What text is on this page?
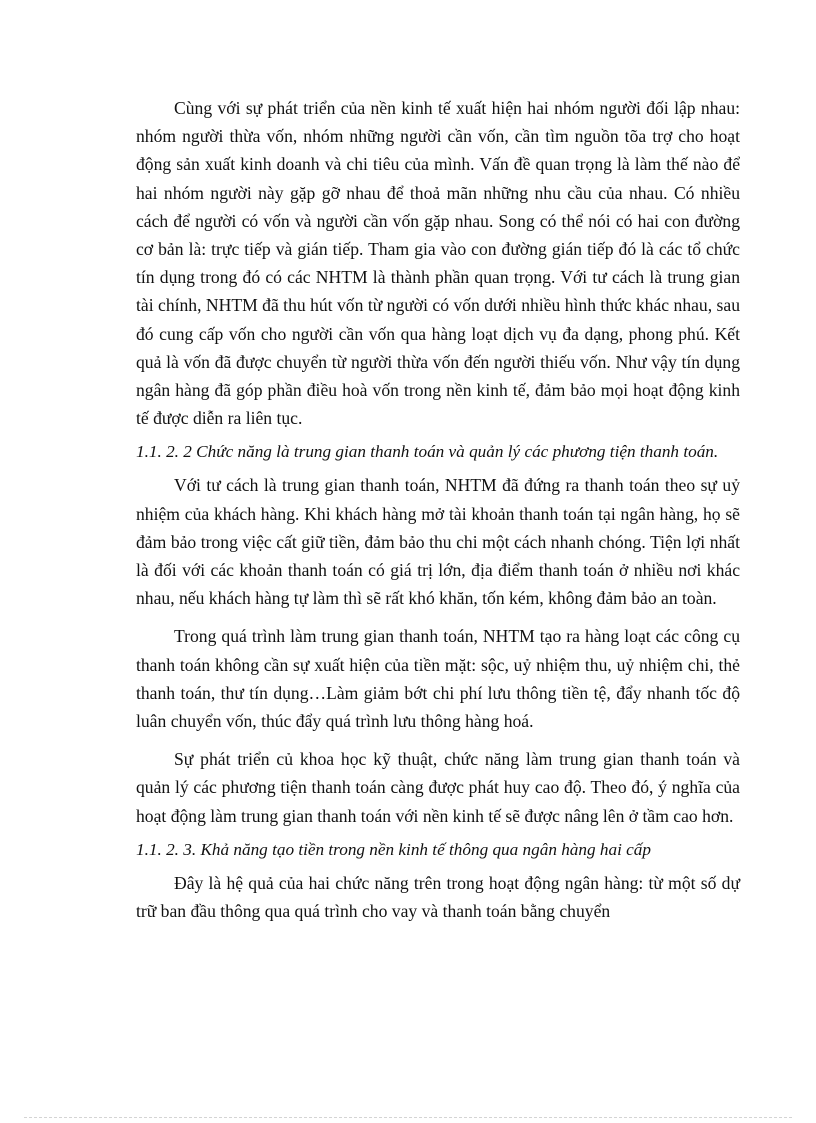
Cùng với sự phát triển của nền kinh tế xuất hiện hai nhóm người đối lập nhau: nhóm người thừa vốn, nhóm những người cần vốn, cần tìm nguồn tõa trợ cho hoạt động sản xuất kinh doanh và chi tiêu của mình. Vấn đề quan trọng là làm thế nào để hai nhóm người này gặp gỡ nhau để thoả mãn những nhu cầu của nhau. Có nhiều cách để người có vốn và người cần vốn gặp nhau. Song có thể nói có hai con đường cơ bản là: trực tiếp và gián tiếp. Tham gia vào con đường gián tiếp đó là các tổ chức tín dụng trong đó có các NHTM là thành phần quan trọng. Với tư cách là trung gian tài chính, NHTM đã thu hút vốn từ người có vốn dưới nhiều hình thức khác nhau, sau đó cung cấp vốn cho người cần vốn qua hàng loạt dịch vụ đa dạng, phong phú. Kết quả là vốn đã được chuyển từ người thừa vốn đến người thiếu vốn. Như vậy tín dụng ngân hàng đã góp phần điều hoà vốn trong nền kinh tế, đảm bảo mọi hoạt động kinh tế được diễn ra liên tục.

1.1. 2. 2 Chức năng là trung gian thanh toán và quản lý các phương tiện thanh toán.

Với tư cách là trung gian thanh toán, NHTM đã đứng ra thanh toán theo sự uỷ nhiệm của khách hàng. Khi khách hàng mở tài khoản thanh toán tại ngân hàng, họ sẽ đảm bảo trong việc cất giữ tiền, đảm bảo thu chi một cách nhanh chóng. Tiện lợi nhất là đối với các khoản thanh toán có giá trị lớn, địa điểm thanh toán ở nhiều nơi khác nhau, nếu khách hàng tự làm thì sẽ rất khó khăn, tốn kém, không đảm bảo an toàn.

Trong quá trình làm trung gian thanh toán, NHTM tạo ra hàng loạt các công cụ thanh toán không cần sự xuất hiện của tiền mặt: sộc, uỷ nhiệm thu, uỷ nhiệm chi, thẻ thanh toán, thư tín dụng…Làm giảm bớt chi phí lưu thông tiền tệ, đẩy nhanh tốc độ luân chuyển vốn, thúc đẩy quá trình lưu thông hàng hoá.

Sự phát triển củ khoa học kỹ thuật, chức năng làm trung gian thanh toán và quản lý các phương tiện thanh toán càng được phát huy cao độ. Theo đó, ý nghĩa của hoạt động làm trung gian thanh toán với nền kinh tế sẽ được nâng lên ở tầm cao hơn.

1.1. 2. 3. Khả năng tạo tiền trong nền kinh tế thông qua ngân hàng hai cấp

Đây là hệ quả của hai chức năng trên trong hoạt động ngân hàng: từ một số dự trữ ban đầu thông qua quá trình cho vay và thanh toán bằng chuyển
